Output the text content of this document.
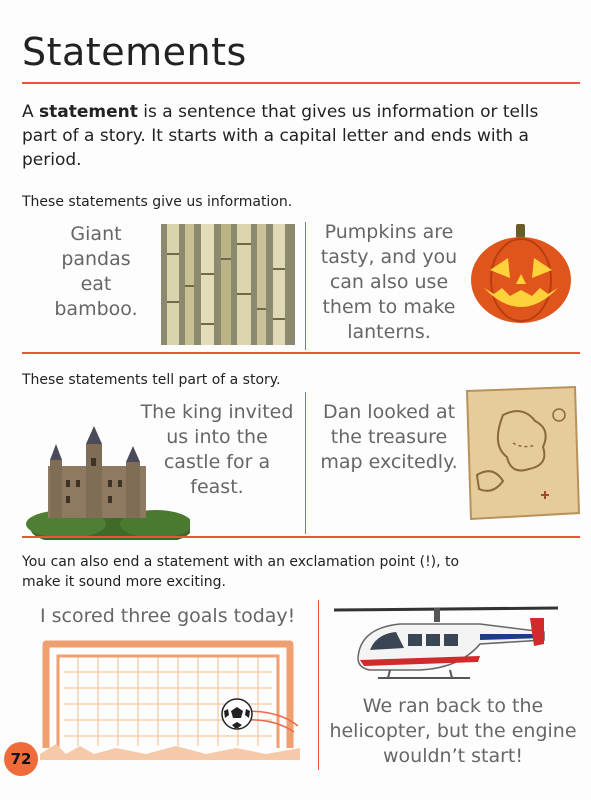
Statements
A statement is a sentence that gives us information or tells part of a story. It starts with a capital letter and ends with a period.
These statements give us information.
Giant pandas eat bamboo.
Pumpkins are tasty, and you can also use them to make lanterns.
These statements tell part of a story.
The king invited us into the castle for a feast.
Dan looked at the treasure map excitedly.
You can also end a statement with an exclamation point (!), to make it sound more exciting.
I scored three goals today!
We ran back to the helicopter, but the engine wouldn’t start!
72
